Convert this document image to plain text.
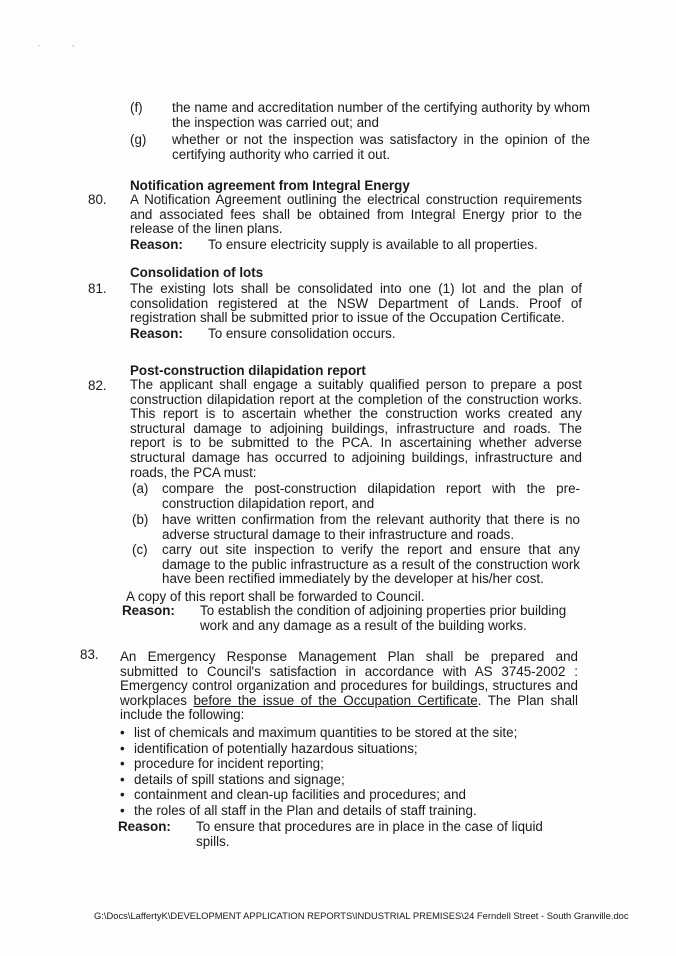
.	,
(f) the name and accreditation number of the certifying authority by whom the inspection was carried out; and
(g) whether or not the inspection was satisfactory in the opinion of the certifying authority who carried it out.
Notification agreement from Integral Energy
80. A Notification Agreement outlining the electrical construction requirements and associated fees shall be obtained from Integral Energy prior to the release of the linen plans.
Reason:	To ensure electricity supply is available to all properties.
Consolidation of lots
81. The existing lots shall be consolidated into one (1) lot and the plan of consolidation registered at the NSW Department of Lands. Proof of registration shall be submitted prior to issue of the Occupation Certificate.
Reason:	To ensure consolidation occurs.
Post-construction dilapidation report
82. The applicant shall engage a suitably qualified person to prepare a post construction dilapidation report at the completion of the construction works. This report is to ascertain whether the construction works created any structural damage to adjoining buildings, infrastructure and roads. The report is to be submitted to the PCA. In ascertaining whether adverse structural damage has occurred to adjoining buildings, infrastructure and roads, the PCA must:
(a) compare the post-construction dilapidation report with the pre-construction dilapidation report, and
(b) have written confirmation from the relevant authority that there is no adverse structural damage to their infrastructure and roads.
(c) carry out site inspection to verify the report and ensure that any damage to the public infrastructure as a result of the construction work have been rectified immediately by the developer at his/her cost.
A copy of this report shall be forwarded to Council.
Reason:	To establish the condition of adjoining properties prior building work and any damage as a result of the building works.
83. An Emergency Response Management Plan shall be prepared and submitted to Council's satisfaction in accordance with AS 3745-2002 : Emergency control organization and procedures for buildings, structures and workplaces before the issue of the Occupation Certificate. The Plan shall include the following:
• list of chemicals and maximum quantities to be stored at the site;
• identification of potentially hazardous situations;
• procedure for incident reporting;
• details of spill stations and signage;
• containment and clean-up facilities and procedures; and
• the roles of all staff in the Plan and details of staff training.
Reason:	To ensure that procedures are in place in the case of liquid spills.
G:\Docs\LaffertyK\DEVELOPMENT APPLICATION REPORTS\INDUSTRIAL PREMISES\24 Ferndell Street - South Granville.doc
